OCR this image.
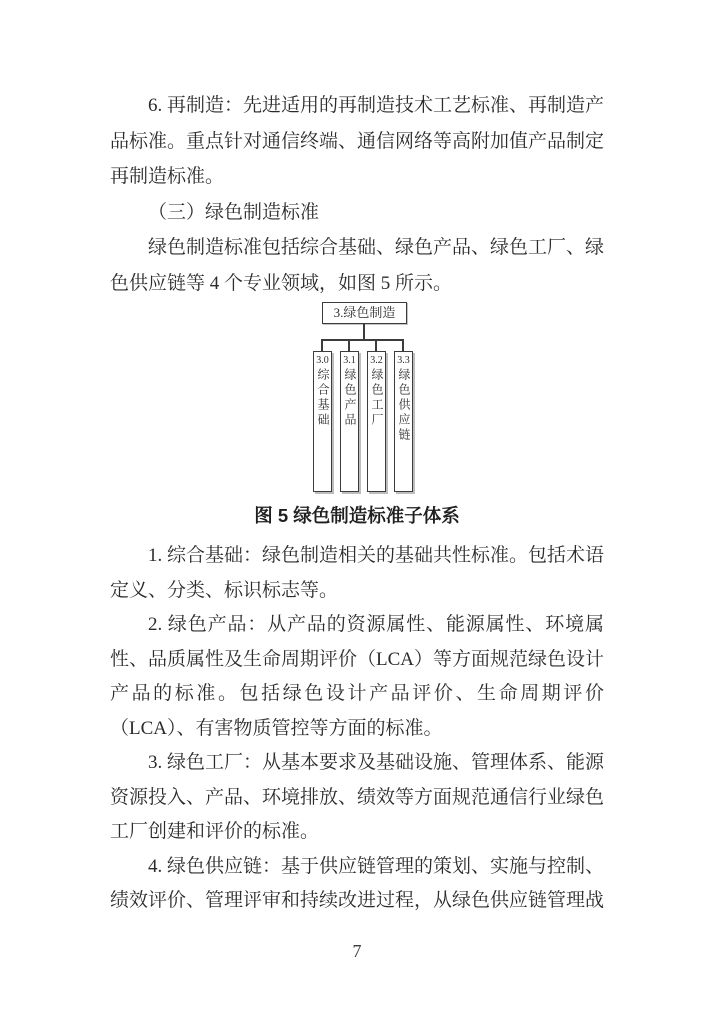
6. 再制造：先进适用的再制造技术工艺标准、再制造产品标准。重点针对通信终端、通信网络等高附加值产品制定再制造标准。

（三）绿色制造标准

绿色制造标准包括综合基础、绿色产品、绿色工厂、绿色供应链等 4 个专业领域，如图 5 所示。

3.绿色制造
3.0
综合基础
3.1
绿色产品
3.2
绿色工厂
3.3
绿色供应链
图 5 绿色制造标准子体系

1. 综合基础：绿色制造相关的基础共性标准。包括术语定义、分类、标识标志等。

2. 绿色产品：从产品的资源属性、能源属性、环境属性、品质属性及生命周期评价（LCA）等方面规范绿色设计产品的标准。包括绿色设计产品评价、生命周期评价（LCA）、有害物质管控等方面的标准。

3. 绿色工厂：从基本要求及基础设施、管理体系、能源资源投入、产品、环境排放、绩效等方面规范通信行业绿色工厂创建和评价的标准。

4. 绿色供应链：基于供应链管理的策划、实施与控制、绩效评价、管理评审和持续改进过程，从绿色供应链管理战

7
